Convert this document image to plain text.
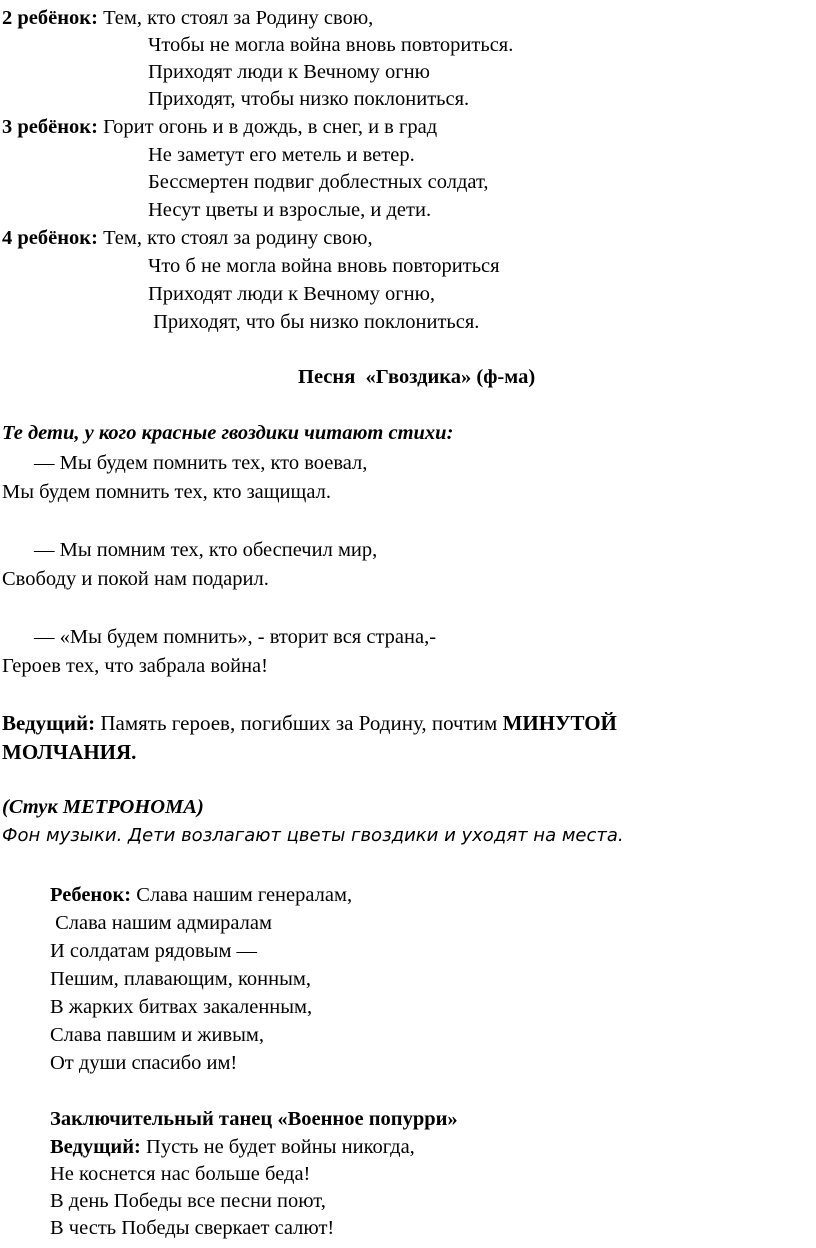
2 ребёнок: Тем, кто стоял за Родину свою,
Чтобы не могла война вновь повториться.
Приходят люди к Вечному огню
Приходят, чтобы низко поклониться.
3 ребёнок: Горит огонь и в дождь, в снег, и в град
Не заметут его метель и ветер.
Бессмертен подвиг доблестных солдат,
Несут цветы и взрослые, и дети.
4 ребёнок: Тем, кто стоял за родину свою,
Что б не могла война вновь повториться
Приходят люди к Вечному огню,
Приходят, что бы низко поклониться.
Песня  «Гвоздика» (ф-ма)
Те дети, у кого красные гвоздики читают стихи:
— Мы будем помнить тех, кто воевал,
Мы будем помнить тех, кто защищал.
— Мы помним тех, кто обеспечил мир,
Свободу и покой нам подарил.
— «Мы будем помнить», - вторит вся страна,-
Героев тех, что забрала война!
Ведущий: Память героев, погибших за Родину, почтим МИНУТОЙ
МОЛЧАНИЯ.
(Стук МЕТРОНОМА)
Фон музыки. Дети возлагают цветы гвоздики и уходят на места.
Ребенок: Слава нашим генералам,
Слава нашим адмиралам
И солдатам рядовым —
Пешим, плавающим, конным,
В жарких битвах закаленным,
Слава павшим и живым,
От души спасибо им!
Заключительный танец «Военное попурри»
Ведущий: Пусть не будет войны никогда,
Не коснется нас больше беда!
В день Победы все песни поют,
В честь Победы сверкает салют!
